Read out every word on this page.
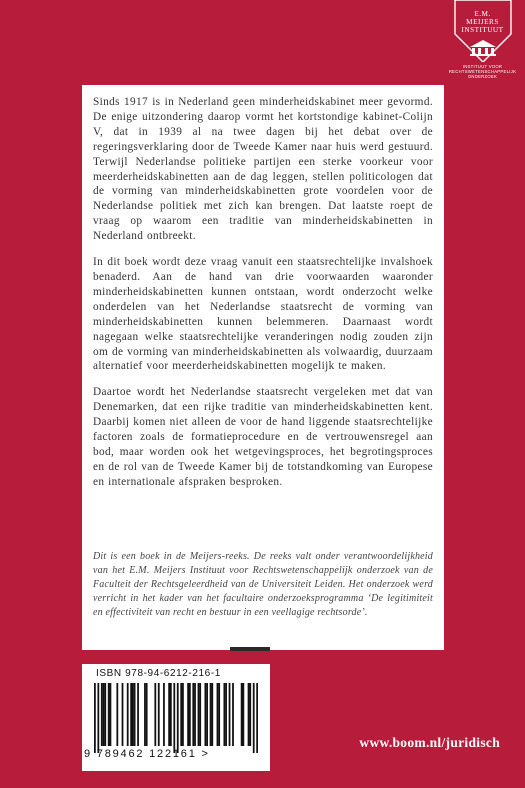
E.M.
MEIJERS
INSTITUUT
INSTITUUT VOOR
RECHTSWETENSCHAPPELIJK
ONDERZOEK

Sinds 1917 is in Nederland geen minderheidskabinet meer gevormd. De enige uitzondering daarop vormt het kortstondige kabinet-Colijn V, dat in 1939 al na twee dagen bij het debat over de regeringsverklaring door de Tweede Kamer naar huis werd gestuurd. Terwijl Nederlandse politieke partijen een sterke voorkeur voor meerderheidskabinetten aan de dag leggen, stellen politicologen dat de vorming van minderheidskabinetten grote voordelen voor de Nederlandse politiek met zich kan brengen. Dat laatste roept de vraag op waarom een traditie van minderheidskabinetten in Nederland ontbreekt.

In dit boek wordt deze vraag vanuit een staatsrechtelijke invalshoek benaderd. Aan de hand van drie voorwaarden waaronder minderheidskabinetten kunnen ontstaan, wordt onderzocht welke onderdelen van het Nederlandse staatsrecht de vorming van minderheidskabinetten kunnen belemmeren. Daarnaast wordt nagegaan welke staatsrechtelijke veranderingen nodig zouden zijn om de vorming van minderheidskabinetten als volwaardig, duurzaam alternatief voor meerderheidskabinetten mogelijk te maken.

Daartoe wordt het Nederlandse staatsrecht vergeleken met dat van Denemarken, dat een rijke traditie van minderheidskabinetten kent. Daarbij komen niet alleen de voor de hand liggende staatsrechtelijke factoren zoals de formatieprocedure en de vertrouwensregel aan bod, maar worden ook het wetgevingsproces, het begrotingsproces en de rol van de Tweede Kamer bij de totstandkoming van Europese en internationale afspraken besproken.

Dit is een boek in de Meijers-reeks. De reeks valt onder verantwoordelijkheid van het E.M. Meijers Instituut voor Rechtswetenschappelijk onderzoek van de Faculteit der Rechtsgeleerdheid van de Universiteit Leiden. Het onderzoek werd verricht in het kader van het facultaire onderzoeksprogramma ‘De legitimiteit en effectiviteit van recht en bestuur in een veellagige rechtsorde’.
ISBN 978-94-6212-216-1
9 789462 122161 >
www.boom.nl/juridisch
